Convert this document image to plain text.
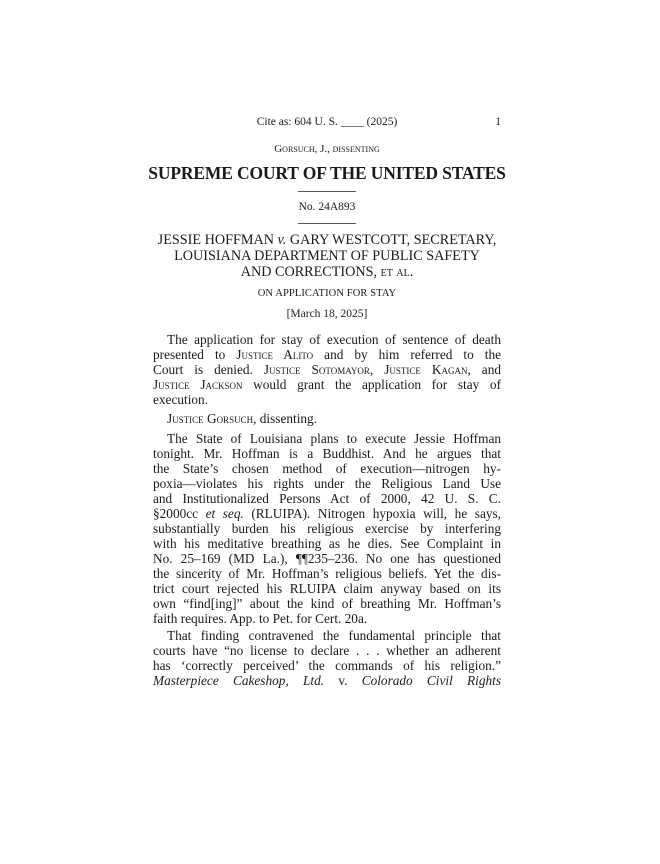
Cite as: 604 U. S. ____ (2025)	1
Gorsuch, J., dissenting
SUPREME COURT OF THE UNITED STATES
No. 24A893
JESSIE HOFFMAN v. GARY WESTCOTT, SECRETARY,
LOUISIANA DEPARTMENT OF PUBLIC SAFETY
AND CORRECTIONS, et al.
ON APPLICATION FOR STAY
[March 18, 2025]
The application for stay of execution of sentence of death
presented to Justice Alito and by him referred to the
Court is denied. Justice Sotomayor, Justice Kagan, and
Justice Jackson would grant the application for stay of
execution.
Justice Gorsuch, dissenting.
The State of Louisiana plans to execute Jessie Hoffman
tonight. Mr. Hoffman is a Buddhist. And he argues that
the State’s chosen method of execution—nitrogen hy-
poxia—violates his rights under the Religious Land Use
and Institutionalized Persons Act of 2000, 42 U. S. C.
§2000cc et seq. (RLUIPA). Nitrogen hypoxia will, he says,
substantially burden his religious exercise by interfering
with his meditative breathing as he dies. See Complaint in
No. 25–169 (MD La.), ¶¶235–236. No one has questioned
the sincerity of Mr. Hoffman’s religious beliefs. Yet the dis-
trict court rejected his RLUIPA claim anyway based on its
own “find[ing]” about the kind of breathing Mr. Hoffman’s
faith requires. App. to Pet. for Cert. 20a.
That finding contravened the fundamental principle that
courts have “no license to declare . . . whether an adherent
has ‘correctly perceived’ the commands of his religion.”
Masterpiece Cakeshop, Ltd. v. Colorado Civil Rights
